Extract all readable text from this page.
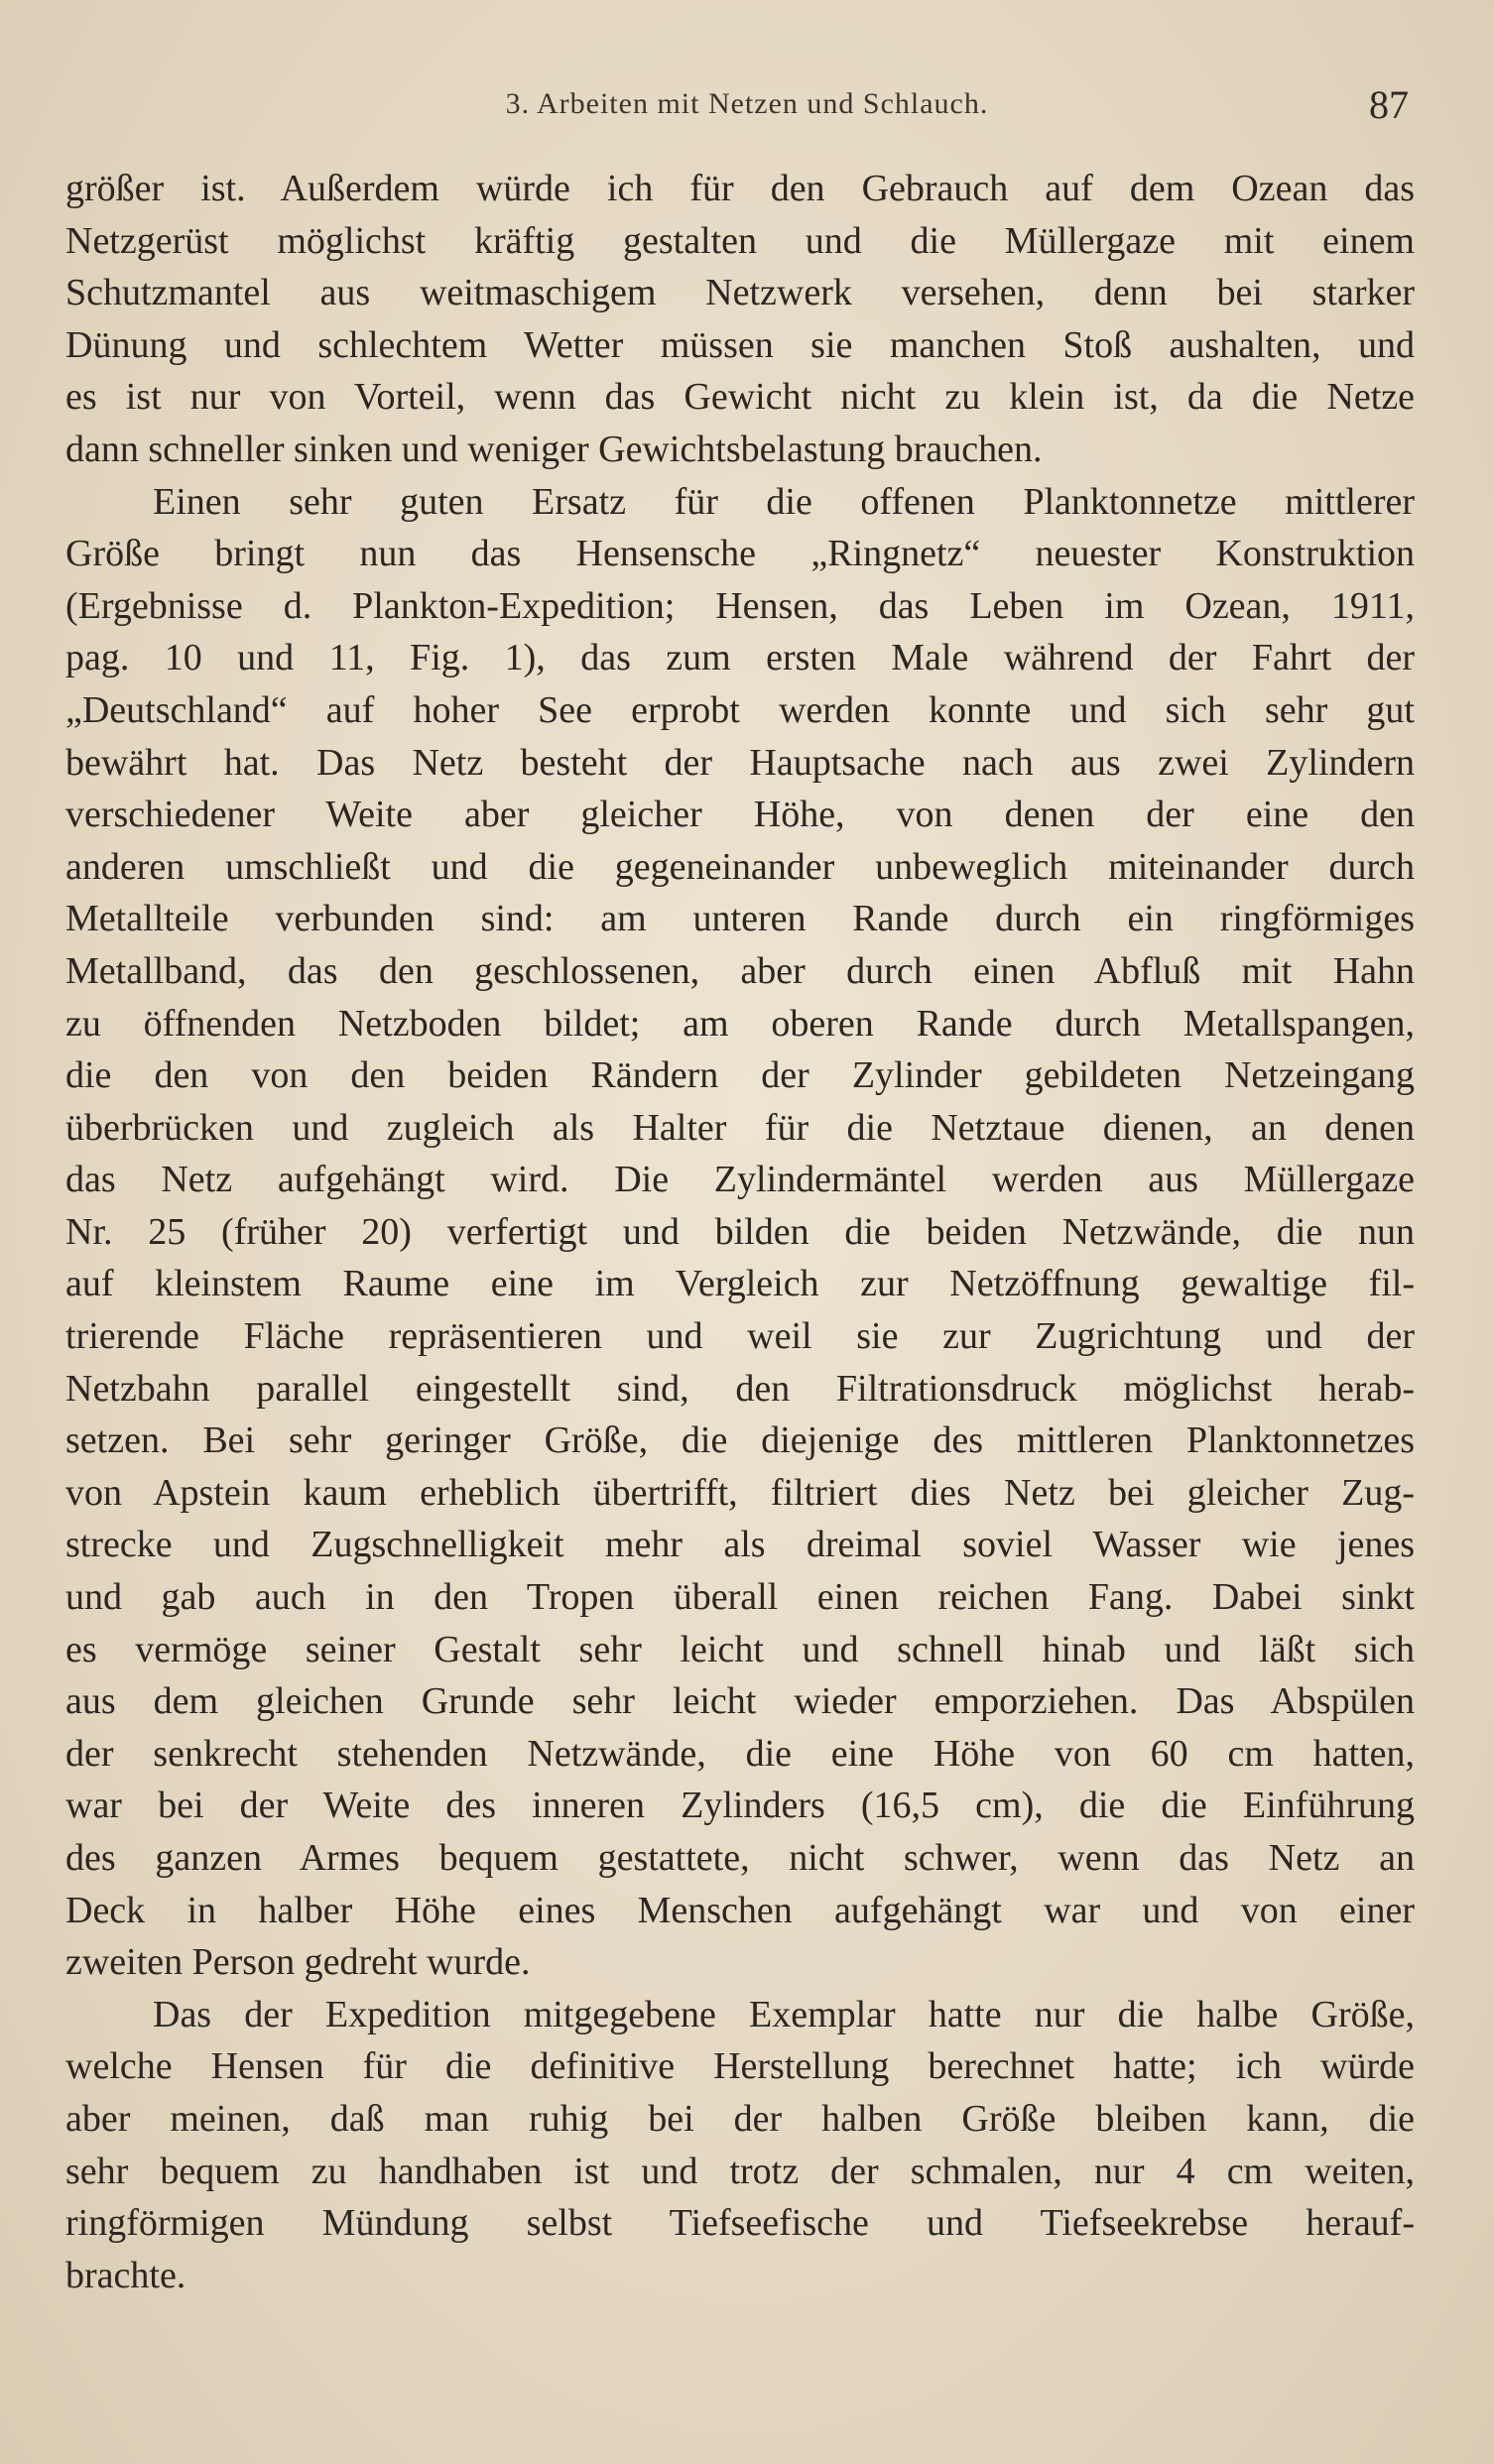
3. Arbeiten mit Netzen und Schlauch.	87
größer ist. Außerdem würde ich für den Gebrauch auf dem Ozean das
Netzgerüst möglichst kräftig gestalten und die Müllergaze mit einem
Schutzmantel aus weitmaschigem Netzwerk versehen, denn bei starker
Dünung und schlechtem Wetter müssen sie manchen Stoß aushalten, und
es ist nur von Vorteil, wenn das Gewicht nicht zu klein ist, da die Netze
dann schneller sinken und weniger Gewichtsbelastung brauchen.
Einen sehr guten Ersatz für die offenen Planktonnetze mittlerer
Größe bringt nun das Hensensche „Ringnetz“ neuester Konstruktion
(Ergebnisse d. Plankton-Expedition; Hensen, das Leben im Ozean, 1911,
pag. 10 und 11, Fig. 1), das zum ersten Male während der Fahrt der
„Deutschland“ auf hoher See erprobt werden konnte und sich sehr gut
bewährt hat. Das Netz besteht der Hauptsache nach aus zwei Zylindern
verschiedener Weite aber gleicher Höhe, von denen der eine den
anderen umschließt und die gegeneinander unbeweglich miteinander durch
Metallteile verbunden sind: am unteren Rande durch ein ringförmiges
Metallband, das den geschlossenen, aber durch einen Abfluß mit Hahn
zu öffnenden Netzboden bildet; am oberen Rande durch Metallspangen,
die den von den beiden Rändern der Zylinder gebildeten Netzeingang
überbrücken und zugleich als Halter für die Netztaue dienen, an denen
das Netz aufgehängt wird. Die Zylindermäntel werden aus Müllergaze
Nr. 25 (früher 20) verfertigt und bilden die beiden Netzwände, die nun
auf kleinstem Raume eine im Vergleich zur Netzöffnung gewaltige fil-
trierende Fläche repräsentieren und weil sie zur Zugrichtung und der
Netzbahn parallel eingestellt sind, den Filtrationsdruck möglichst herab-
setzen. Bei sehr geringer Größe, die diejenige des mittleren Planktonnetzes
von Apstein kaum erheblich übertrifft, filtriert dies Netz bei gleicher Zug-
strecke und Zugschnelligkeit mehr als dreimal soviel Wasser wie jenes
und gab auch in den Tropen überall einen reichen Fang. Dabei sinkt
es vermöge seiner Gestalt sehr leicht und schnell hinab und läßt sich
aus dem gleichen Grunde sehr leicht wieder emporziehen. Das Abspülen
der senkrecht stehenden Netzwände, die eine Höhe von 60 cm hatten,
war bei der Weite des inneren Zylinders (16,5 cm), die die Einführung
des ganzen Armes bequem gestattete, nicht schwer, wenn das Netz an
Deck in halber Höhe eines Menschen aufgehängt war und von einer
zweiten Person gedreht wurde.
Das der Expedition mitgegebene Exemplar hatte nur die halbe Größe,
welche Hensen für die definitive Herstellung berechnet hatte; ich würde
aber meinen, daß man ruhig bei der halben Größe bleiben kann, die
sehr bequem zu handhaben ist und trotz der schmalen, nur 4 cm weiten,
ringförmigen Mündung selbst Tiefseefische und Tiefseekrebse herauf-
brachte.
